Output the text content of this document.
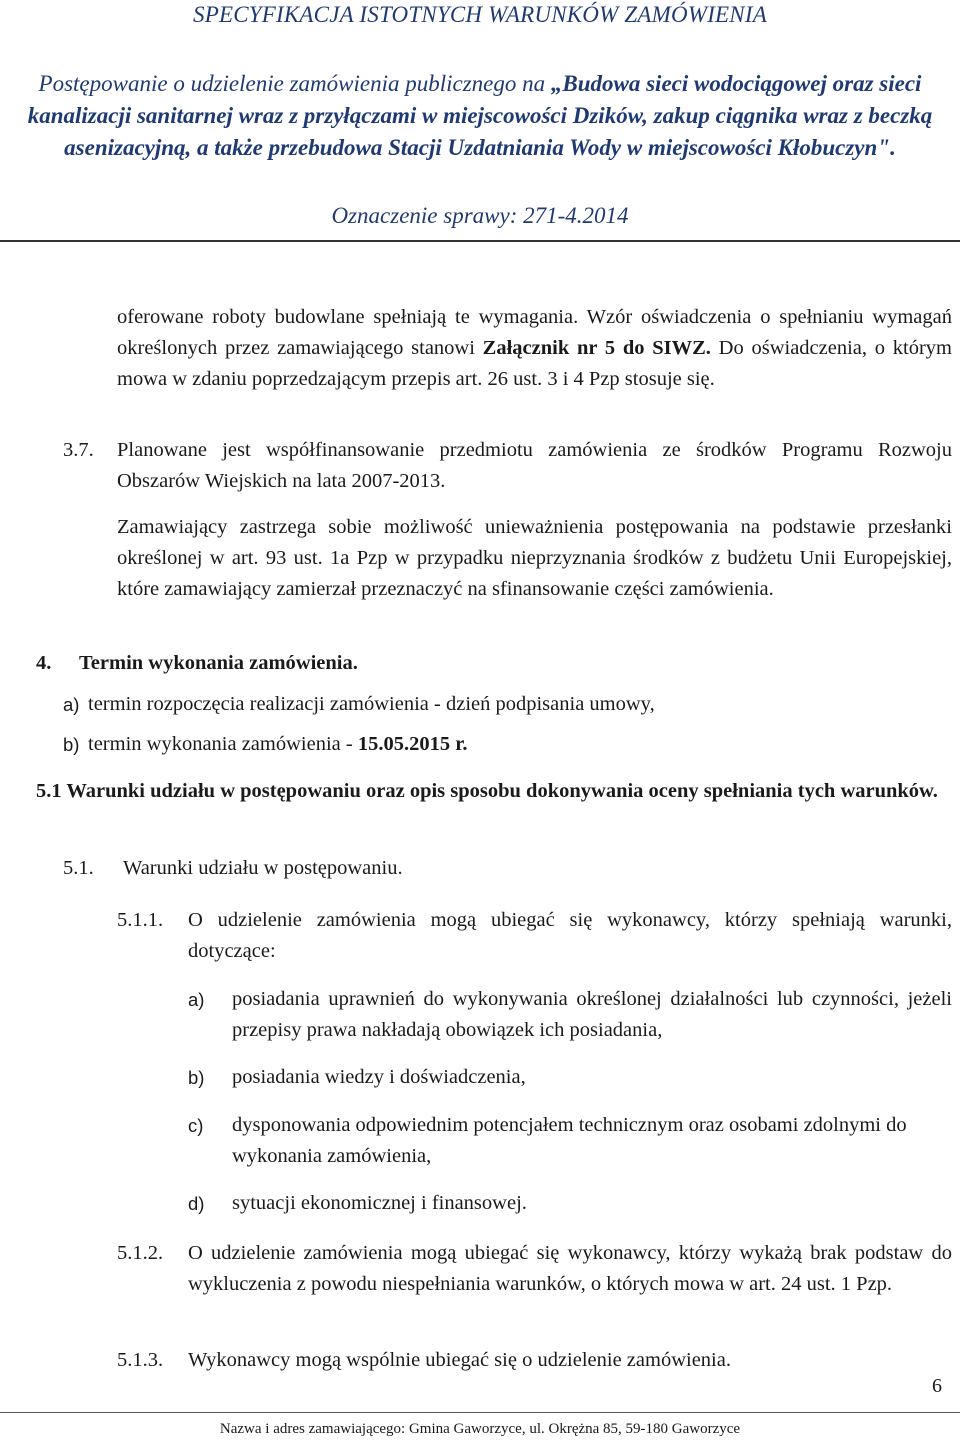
SPECYFIKACJA ISTOTNYCH WARUNKÓW ZAMÓWIENIA
Postępowanie o udzielenie zamówienia publicznego na „Budowa sieci wodociągowej oraz sieci kanalizacji sanitarnej wraz z przyłączami w miejscowości Dzików, zakup ciągnika wraz z beczką asenizacyjną, a także przebudowa Stacji Uzdatniania Wody w miejscowości Kłobuczyn".
Oznaczenie sprawy: 271-4.2014
oferowane roboty budowlane spełniają te wymagania. Wzór oświadczenia o spełnianiu wymagań określonych przez zamawiającego stanowi Załącznik nr 5 do SIWZ. Do oświadczenia, o którym mowa w zdaniu poprzedzającym przepis art. 26 ust. 3 i 4 Pzp stosuje się.
3.7. Planowane jest współfinansowanie przedmiotu zamówienia ze środków Programu Rozwoju Obszarów Wiejskich na lata 2007-2013.
Zamawiający zastrzega sobie możliwość unieważnienia postępowania na podstawie przesłanki określonej w art. 93 ust. 1a Pzp w przypadku nieprzyznania środków z budżetu Unii Europejskiej, które zamawiający zamierzał przeznaczyć na sfinansowanie części zamówienia.
4. Termin wykonania zamówienia.
a) termin rozpoczęcia realizacji zamówienia - dzień podpisania umowy,
b) termin wykonania zamówienia - 15.05.2015 r.
5.1 Warunki udziału w postępowaniu oraz opis sposobu dokonywania oceny spełniania tych warunków.
5.1. Warunki udziału w postępowaniu.
5.1.1. O udzielenie zamówienia mogą ubiegać się wykonawcy, którzy spełniają warunki, dotyczące:
a) posiadania uprawnień do wykonywania określonej działalności lub czynności, jeżeli przepisy prawa nakładają obowiązek ich posiadania,
b) posiadania wiedzy i doświadczenia,
c) dysponowania odpowiednim potencjałem technicznym oraz osobami zdolnymi do wykonania zamówienia,
d) sytuacji ekonomicznej i finansowej.
5.1.2. O udzielenie zamówienia mogą ubiegać się wykonawcy, którzy wykażą brak podstaw do wykluczenia z powodu niespełniania warunków, o których mowa w art. 24 ust. 1 Pzp.
5.1.3. Wykonawcy mogą wspólnie ubiegać się o udzielenie zamówienia.
6
Nazwa i adres zamawiającego: Gmina Gaworzyce, ul. Okrężna 85, 59-180 Gaworzyce
